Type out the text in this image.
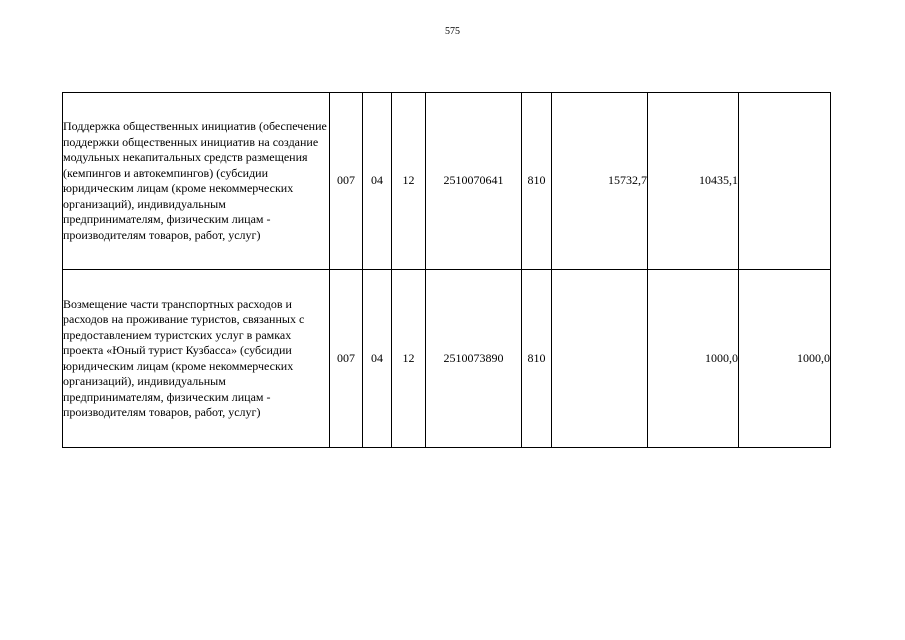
575
Поддержка общественных инициатив (обеспечение поддержки общественных инициатив на создание модульных некапитальных средств размещения (кемпингов и автокемпингов) (субсидии юридическим лицам (кроме некоммерческих организаций), индивидуальным предпринимателям, физическим лицам - производителям товаров, работ, услуг)	007	04	12	2510070641	810	15732,7	10435,1	
Возмещение части транспортных расходов и расходов на проживание туристов, связанных с предоставлением туристских услуг в рамках проекта «Юный турист Кузбасса» (субсидии юридическим лицам (кроме некоммерческих организаций), индивидуальным предпринимателям, физическим лицам - производителям товаров, работ, услуг)	007	04	12	2510073890	810		1000,0	1000,0
